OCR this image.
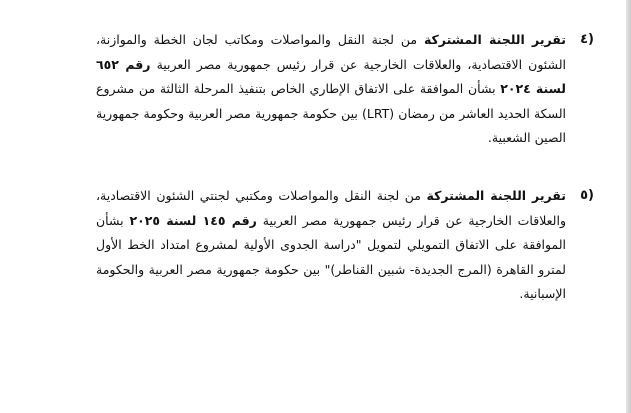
٤)
تقرير اللجنة المشتركة من لجنة النقل والمواصلات ومكاتب لجان الخطة والموازنة، الشئون الاقتصادية، والعلاقات الخارجية عن قرار رئيس جمهورية مصر العربية رقم ٦٥٢ لسنة ٢٠٢٤ بشأن الموافقة على الاتفاق الإطاري الخاص بتنفيذ المرحلة الثالثة من مشروع السكة الحديد العاشر من رمضان (LRT) بين حكومة جمهورية مصر العربية وحكومة جمهورية الصين الشعبية.
٥)
تقرير اللجنة المشتركة من لجنة النقل والمواصلات ومكتبي لجنتي الشئون الاقتصادية، والعلاقات الخارجية عن قرار رئيس جمهورية مصر العربية رقم ١٤٥ لسنة ٢٠٢٥ بشأن الموافقة على الاتفاق التمويلي لتمويل "دراسة الجدوى الأولية لمشروع امتداد الخط الأول لمترو القاهرة (المرج الجديدة- شبين القناطر)" بين حكومة جمهورية مصر العربية والحكومة الإسبانية.
